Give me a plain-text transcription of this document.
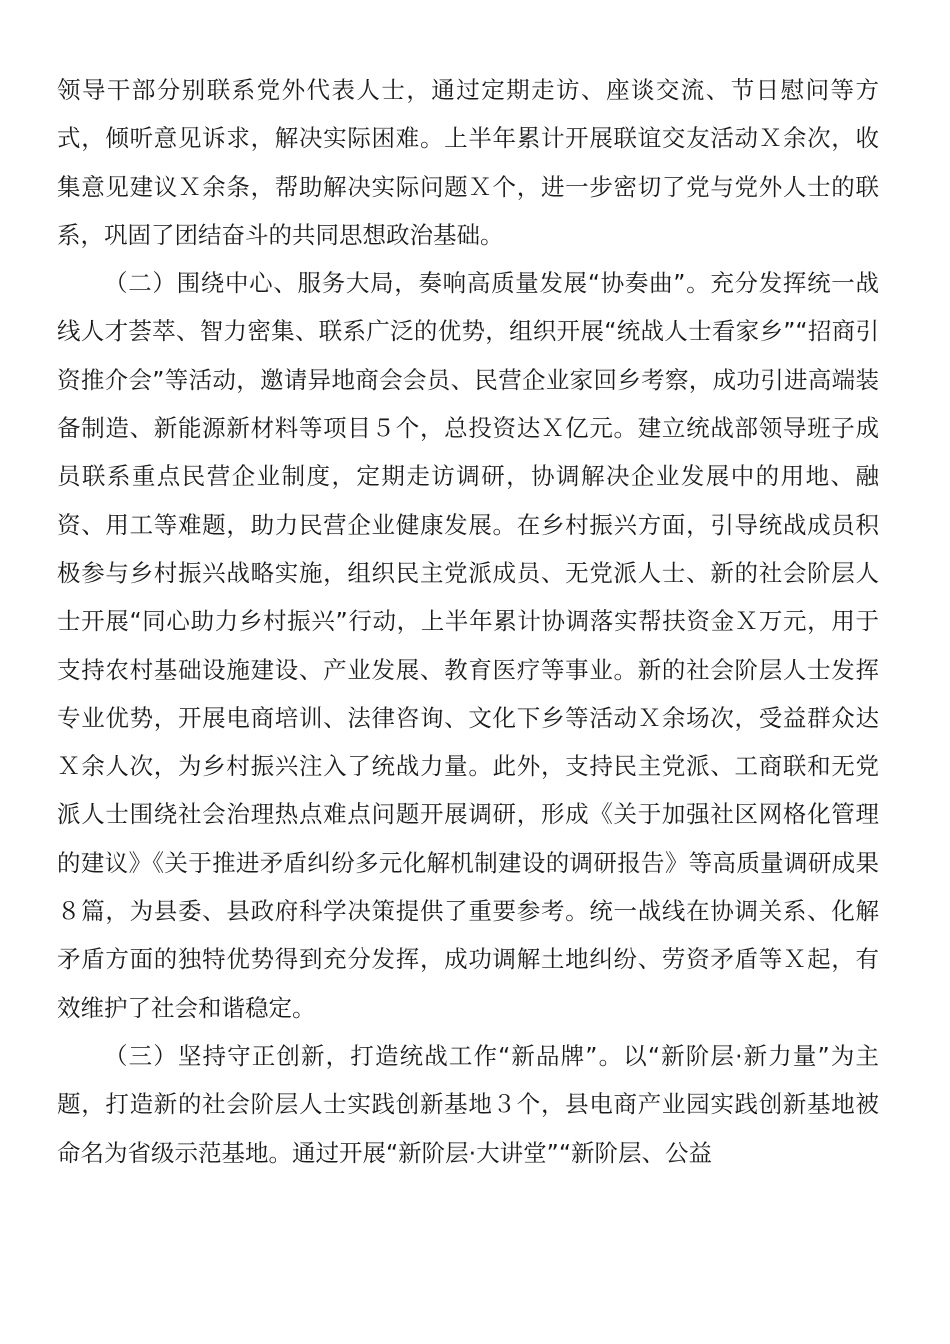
领导干部分别联系党外代表人士，通过定期走访、座谈交流、节日慰问等方式，倾听意见诉求，解决实际困难。上半年累计开展联谊交友活动Ｘ余次，收集意见建议Ｘ余条，帮助解决实际问题Ｘ个，进一步密切了党与党外人士的联系，巩固了团结奋斗的共同思想政治基础。

（二）围绕中心、服务大局，奏响高质量发展“协奏曲”。充分发挥统一战线人才荟萃、智力密集、联系广泛的优势，组织开展“统战人士看家乡”“招商引资推介会”等活动，邀请异地商会会员、民营企业家回乡考察，成功引进高端装备制造、新能源新材料等项目５个，总投资达Ｘ亿元。建立统战部领导班子成员联系重点民营企业制度，定期走访调研，协调解决企业发展中的用地、融资、用工等难题，助力民营企业健康发展。在乡村振兴方面，引导统战成员积极参与乡村振兴战略实施，组织民主党派成员、无党派人士、新的社会阶层人士开展“同心助力乡村振兴”行动，上半年累计协调落实帮扶资金Ｘ万元，用于支持农村基础设施建设、产业发展、教育医疗等事业。新的社会阶层人士发挥专业优势，开展电商培训、法律咨询、文化下乡等活动Ｘ余场次，受益群众达Ｘ余人次，为乡村振兴注入了统战力量。此外，支持民主党派、工商联和无党派人士围绕社会治理热点难点问题开展调研，形成《关于加强社区网格化管理的建议》《关于推进矛盾纠纷多元化解机制建设的调研报告》等高质量调研成果８篇，为县委、县政府科学决策提供了重要参考。统一战线在协调关系、化解矛盾方面的独特优势得到充分发挥，成功调解土地纠纷、劳资矛盾等Ｘ起，有效维护了社会和谐稳定。

（三）坚持守正创新，打造统战工作“新品牌”。以“新阶层·新力量”为主题，打造新的社会阶层人士实践创新基地３个，县电商产业园实践创新基地被命名为省级示范基地。通过开展“新阶层·大讲堂”“新阶层、公益
